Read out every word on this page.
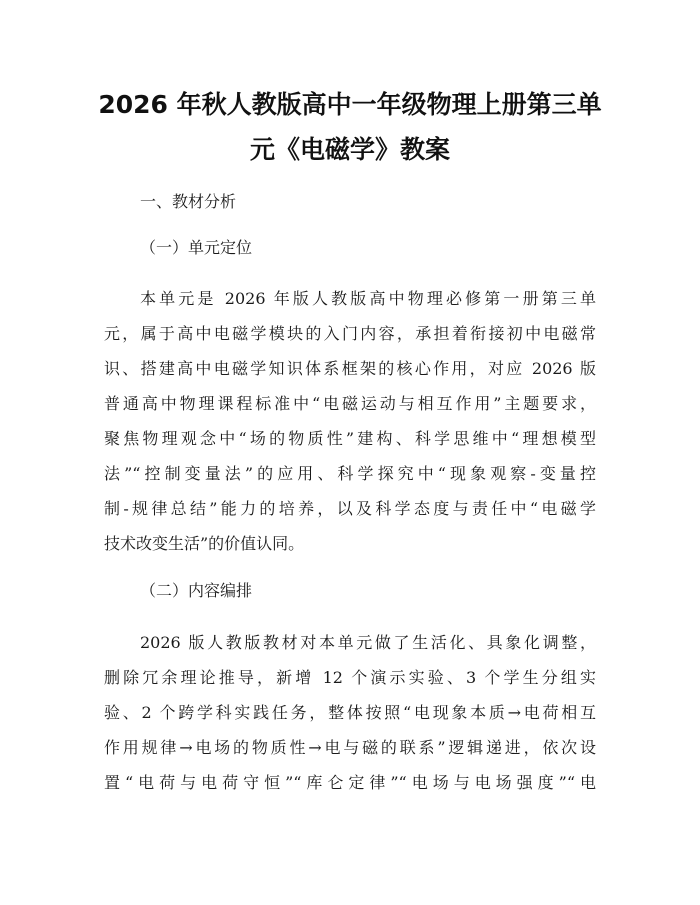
2026 年秋人教版高中一年级物理上册第三单
元《电磁学》教案
一、教材分析
（一）单元定位
本单元是 2026 年版人教版高中物理必修第一册第三单
元，属于高中电磁学模块的入门内容，承担着衔接初中电磁常
识、搭建高中电磁学知识体系框架的核心作用，对应 2026 版
普通高中物理课程标准中“电磁运动与相互作用”主题要求，
聚焦物理观念中“场的物质性”建构、科学思维中“理想模型
法”“控制变量法”的应用、科学探究中“现象观察-变量控
制-规律总结”能力的培养，以及科学态度与责任中“电磁学
技术改变生活”的价值认同。
（二）内容编排
2026 版人教版教材对本单元做了生活化、具象化调整，
删除冗余理论推导，新增 12 个演示实验、3 个学生分组实
验、2 个跨学科实践任务，整体按照“电现象本质→电荷相互
作用规律→电场的物质性→电与磁的联系”逻辑递进，依次设
置“电荷与电荷守恒”“库仑定律”“电场与电场强度”“电
